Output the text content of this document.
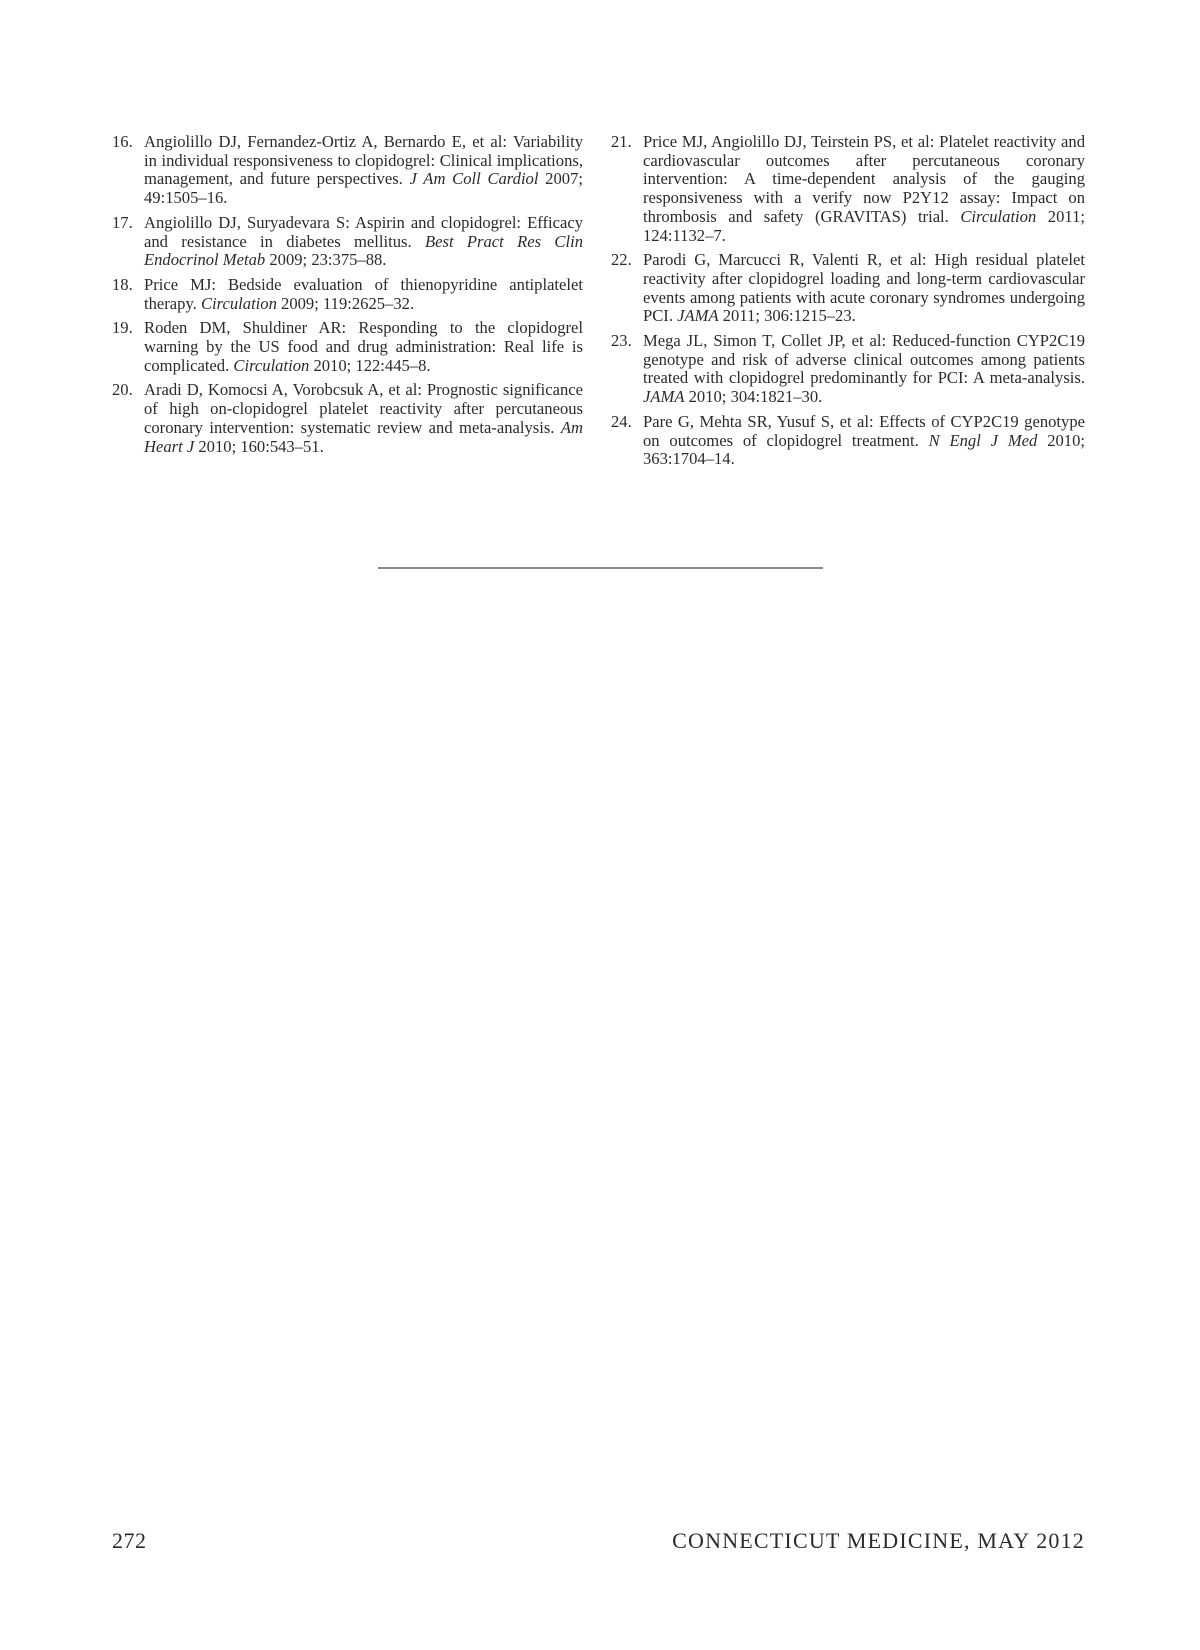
16. Angiolillo DJ, Fernandez-Ortiz A, Bernardo E, et al: Variability in individual responsiveness to clopidogrel: Clinical implications, management, and future perspectives. J Am Coll Cardiol 2007; 49:1505–16.
17. Angiolillo DJ, Suryadevara S: Aspirin and clopidogrel: Efficacy and resistance in diabetes mellitus. Best Pract Res Clin Endocrinol Metab 2009; 23:375–88.
18. Price MJ: Bedside evaluation of thienopyridine antiplatelet therapy. Circulation 2009; 119:2625–32.
19. Roden DM, Shuldiner AR: Responding to the clopidogrel warning by the US food and drug administration: Real life is complicated. Circulation 2010; 122:445–8.
20. Aradi D, Komocsi A, Vorobcsuk A, et al: Prognostic significance of high on-clopidogrel platelet reactivity after percutaneous coronary intervention: systematic review and meta-analysis. Am Heart J 2010; 160:543–51.
21. Price MJ, Angiolillo DJ, Teirstein PS, et al: Platelet reactivity and cardiovascular outcomes after percutaneous coronary intervention: A time-dependent analysis of the gauging responsiveness with a verify now P2Y12 assay: Impact on thrombosis and safety (GRAVITAS) trial. Circulation 2011; 124:1132–7.
22. Parodi G, Marcucci R, Valenti R, et al: High residual platelet reactivity after clopidogrel loading and long-term cardiovascular events among patients with acute coronary syndromes undergoing PCI. JAMA 2011; 306:1215–23.
23. Mega JL, Simon T, Collet JP, et al: Reduced-function CYP2C19 genotype and risk of adverse clinical outcomes among patients treated with clopidogrel predominantly for PCI: A meta-analysis. JAMA 2010; 304:1821–30.
24. Pare G, Mehta SR, Yusuf S, et al: Effects of CYP2C19 genotype on outcomes of clopidogrel treatment. N Engl J Med 2010; 363:1704–14.
272	CONNECTICUT MEDICINE, MAY 2012
